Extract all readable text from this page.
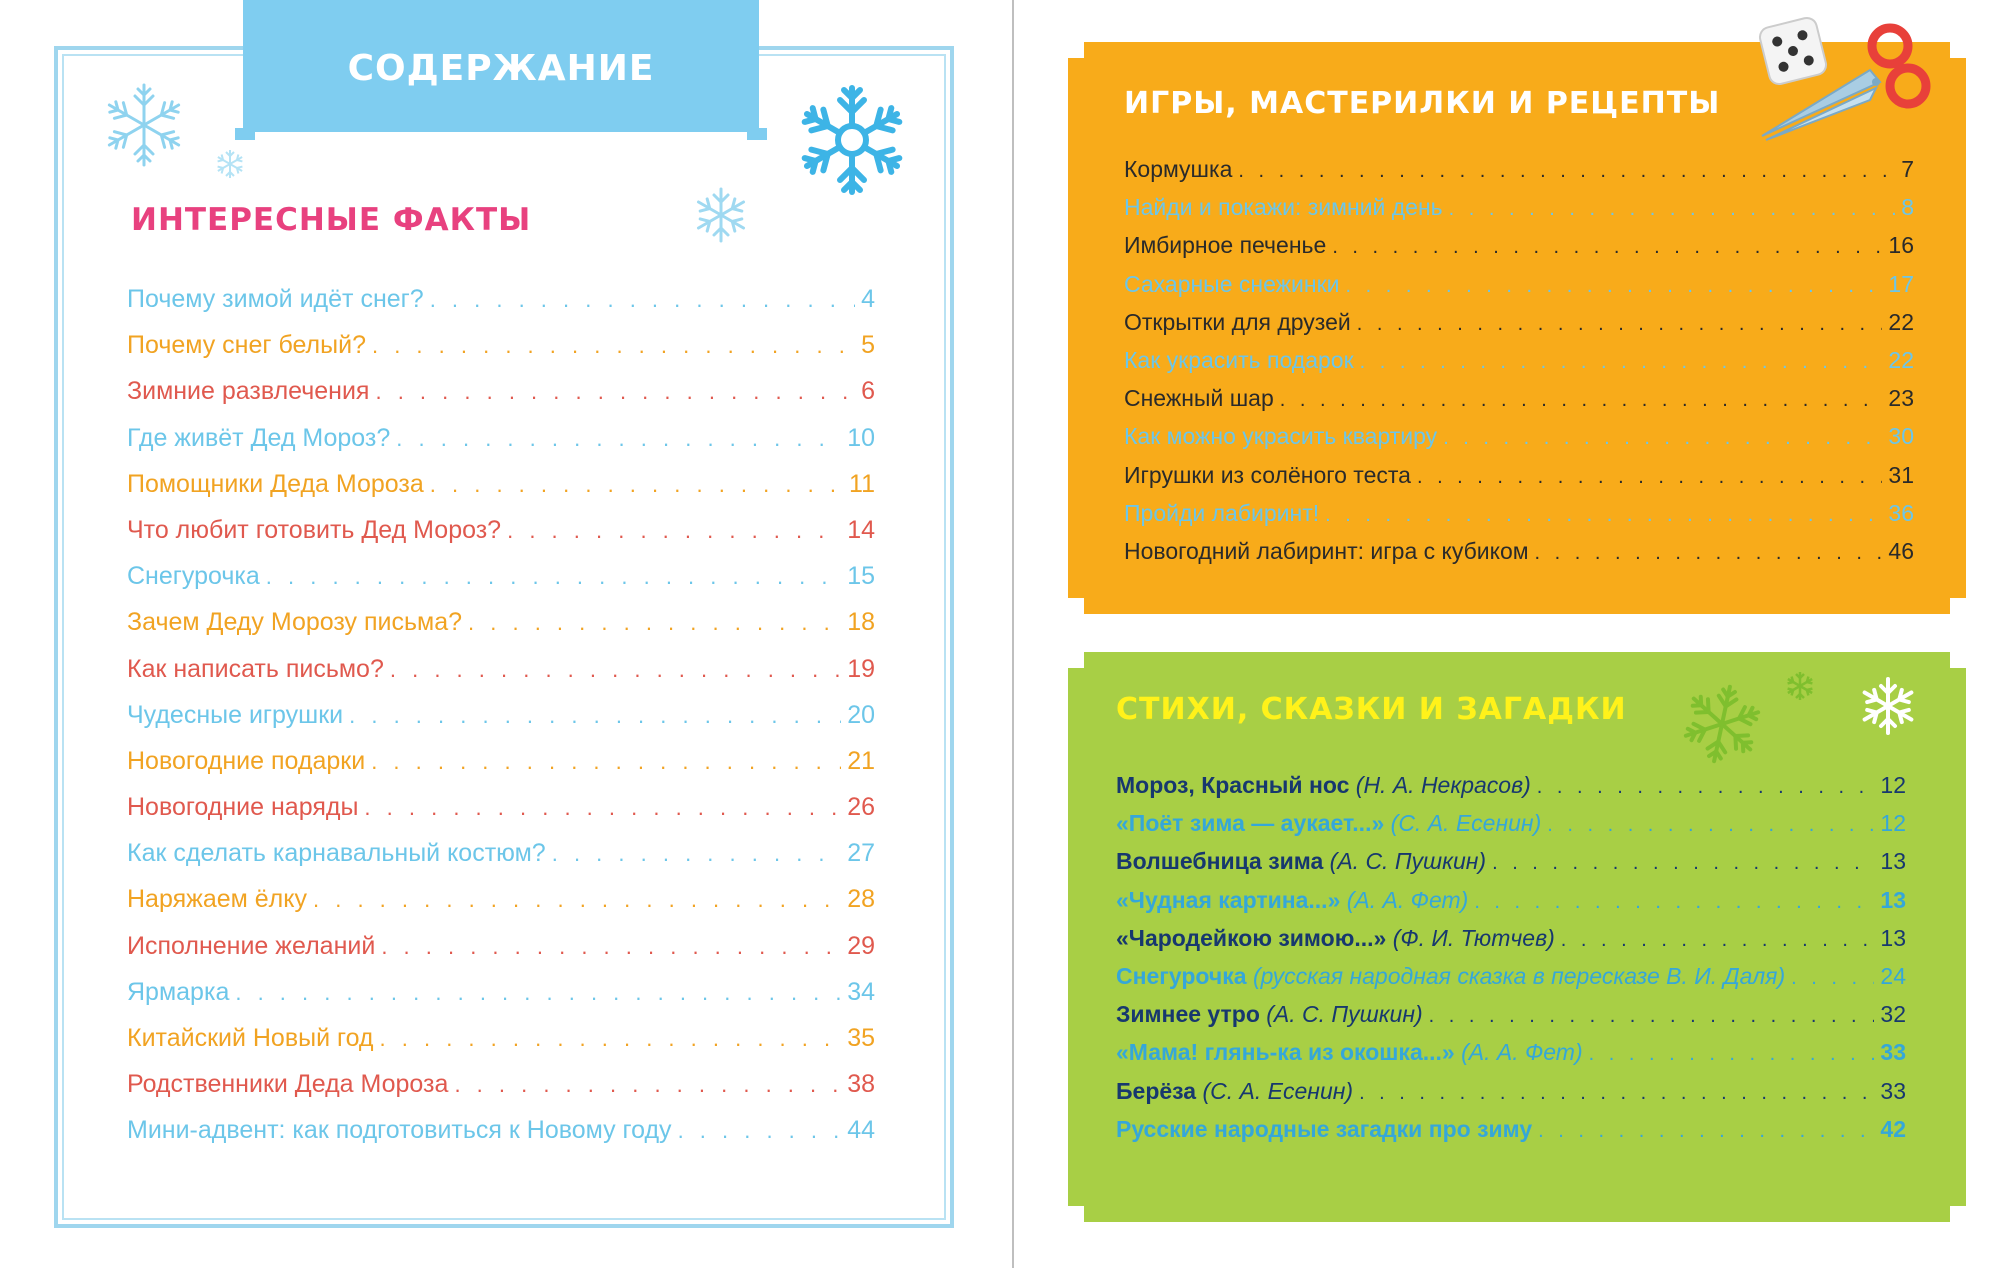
СОДЕРЖАНИЕ
ИНТЕРЕСНЫЕ ФАКТЫ
Почему зимой идёт снег? . . .	4
Почему снег белый? . . .	5
Зимние развлечения . . .	6
Где живёт Дед Мороз? . . .	10
Помощники Деда Мороза . . .	11
Что любит готовить Дед Мороз? . . .	14
Снегурочка . . .	15
Зачем Деду Морозу письма? . . .	18
Как написать письмо? . . .	19
Чудесные игрушки . . .	20
Новогодние подарки . . .	21
Новогодние наряды . . .	26
Как сделать карнавальный костюм? . . .	27
Наряжаем ёлку . . .	28
Исполнение желаний . . .	29
Ярмарка . . .	34
Китайский Новый год . . .	35
Родственники Деда Мороза . . .	38
Мини-адвент: как подготовиться к Новому году . . .	44
ИГРЫ, МАСТЕРИЛКИ И РЕЦЕПТЫ
Кормушка . . .	7
Найди и покажи: зимний день . . .	8
Имбирное печенье . . .	16
Сахарные снежинки . . .	17
Открытки для друзей . . .	22
Как украсить подарок . . .	22
Снежный шар . . .	23
Как можно украсить квартиру . . .	30
Игрушки из солёного теста . . .	31
Пройди лабиринт! . . .	36
Новогодний лабиринт: игра с кубиком . . .	46
СТИХИ, СКАЗКИ И ЗАГАДКИ
Мороз, Красный нос (Н. А. Некрасов) . . .	12
«Поёт зима — аукает...» (С. А. Есенин) . . .	12
Волшебница зима (А. С. Пушкин) . . .	13
«Чудная картина...» (А. А. Фет) . . .	13
«Чародейкою зимою...» (Ф. И. Тютчев) . . .	13
Снегурочка (русская народная сказка в пересказе В. И. Даля) . . .	24
Зимнее утро (А. С. Пушкин) . . .	32
«Мама! глянь-ка из окошка...» (А. А. Фет) . . .	33
Берёза (С. А. Есенин) . . .	33
Русские народные загадки про зиму . . .	42
